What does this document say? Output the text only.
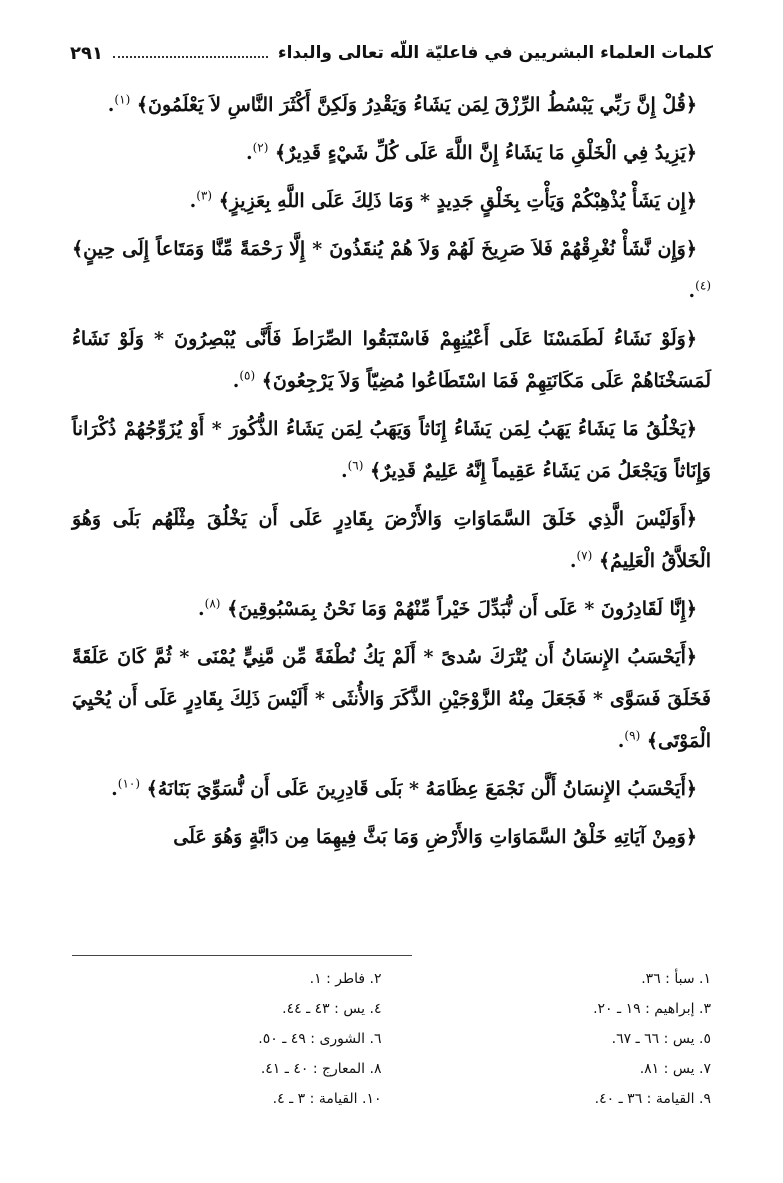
كلمات العلماء البشريين في فاعليّة اللّه تعالى والبداء
٢٩١

﴿قُلْ إِنَّ رَبِّي يَبْسُطُ الرِّزْقَ لِمَن يَشَاءُ وَيَقْدِرُ وَلَكِنَّ أَكْثَرَ النَّاسِ لاَ يَعْلَمُونَ﴾ $^{(١)}$.

﴿يَزِيدُ فِي الْخَلْقِ مَا يَشَاءُ إِنَّ اللَّهَ عَلَى كُلِّ شَيْءٍ قَدِيرٌ﴾ $^{(٢)}$.

﴿إِن يَشَأْ يُذْهِبْكُمْ وَيَأْتِ بِخَلْقٍ جَدِيدٍ * وَمَا ذَلِكَ عَلَى اللَّهِ بِعَزِيزٍ﴾ $^{(٣)}$.

﴿وَإِن نَّشَأْ نُغْرِقْهُمْ فَلاَ صَرِيخَ لَهُمْ وَلاَ هُمْ يُنقَذُونَ * إِلَّا رَحْمَةً مِّنَّا وَمَتَاعاً إِلَى حِينٍ﴾ $^{(٤)}$.

﴿وَلَوْ نَشَاءُ لَطَمَسْنَا عَلَى أَعْيُنِهِمْ فَاسْتَبَقُوا الصِّرَاطَ فَأَنَّى يُبْصِرُونَ * وَلَوْ نَشَاءُ لَمَسَخْنَاهُمْ عَلَى مَكَانَتِهِمْ فَمَا اسْتَطَاعُوا مُضِيّاً وَلاَ يَرْجِعُونَ﴾ $^{(٥)}$.

﴿يَخْلُقُ مَا يَشَاءُ يَهَبُ لِمَن يَشَاءُ إِنَاثاً وَيَهَبُ لِمَن يَشَاءُ الذُّكُورَ * أَوْ يُزَوِّجُهُمْ ذُكْرَاناً وَإِنَاثاً وَيَجْعَلُ مَن يَشَاءُ عَقِيماً إِنَّهُ عَلِيمٌ قَدِيرٌ﴾ $^{(٦)}$.

﴿أَوَلَيْسَ الَّذِي خَلَقَ السَّمَاوَاتِ وَالأَرْضَ بِقَادِرٍ عَلَى أَن يَخْلُقَ مِثْلَهُم بَلَى وَهُوَ الْخَلاَّقُ الْعَلِيمُ﴾ $^{(٧)}$.

﴿إِنَّا لَقَادِرُونَ * عَلَى أَن نُّبَدِّلَ خَيْراً مِّنْهُمْ وَمَا نَحْنُ بِمَسْبُوقِينَ﴾ $^{(٨)}$.

﴿أَيَحْسَبُ الإِنسَانُ أَن يُتْرَكَ سُدىً * أَلَمْ يَكُ نُطْفَةً مِّن مَّنِيٍّ يُمْنَى * ثُمَّ كَانَ عَلَقَةً فَخَلَقَ فَسَوَّى * فَجَعَلَ مِنْهُ الزَّوْجَيْنِ الذَّكَرَ وَالأُنثَى * أَلَيْسَ ذَلِكَ بِقَادِرٍ عَلَى أَن يُحْيِيَ الْمَوْتَى﴾ $^{(٩)}$.

﴿أَيَحْسَبُ الإِنسَانُ أَلَّن نَجْمَعَ عِظَامَهُ * بَلَى قَادِرِينَ عَلَى أَن نُّسَوِّيَ بَنَانَهُ﴾ $^{(١٠)}$.

﴿وَمِنْ آيَاتِهِ خَلْقُ السَّمَاوَاتِ وَالأَرْضِ وَمَا بَثَّ فِيهِمَا مِن دَابَّةٍ وَهُوَ عَلَى

١. سبأ : ٣٦.
٢. فاطر : ١.
٣. إبراهيم : ١٩ ـ ٢٠.
٤. يس : ٤٣ ـ ٤٤.
٥. يس : ٦٦ ـ ٦٧.
٦. الشورى : ٤٩ ـ ٥٠.
٧. يس : ٨١.
٨. المعارج : ٤٠ ـ ٤١.
٩. القيامة : ٣٦ ـ ٤٠.
١٠. القيامة : ٣ ـ ٤.
